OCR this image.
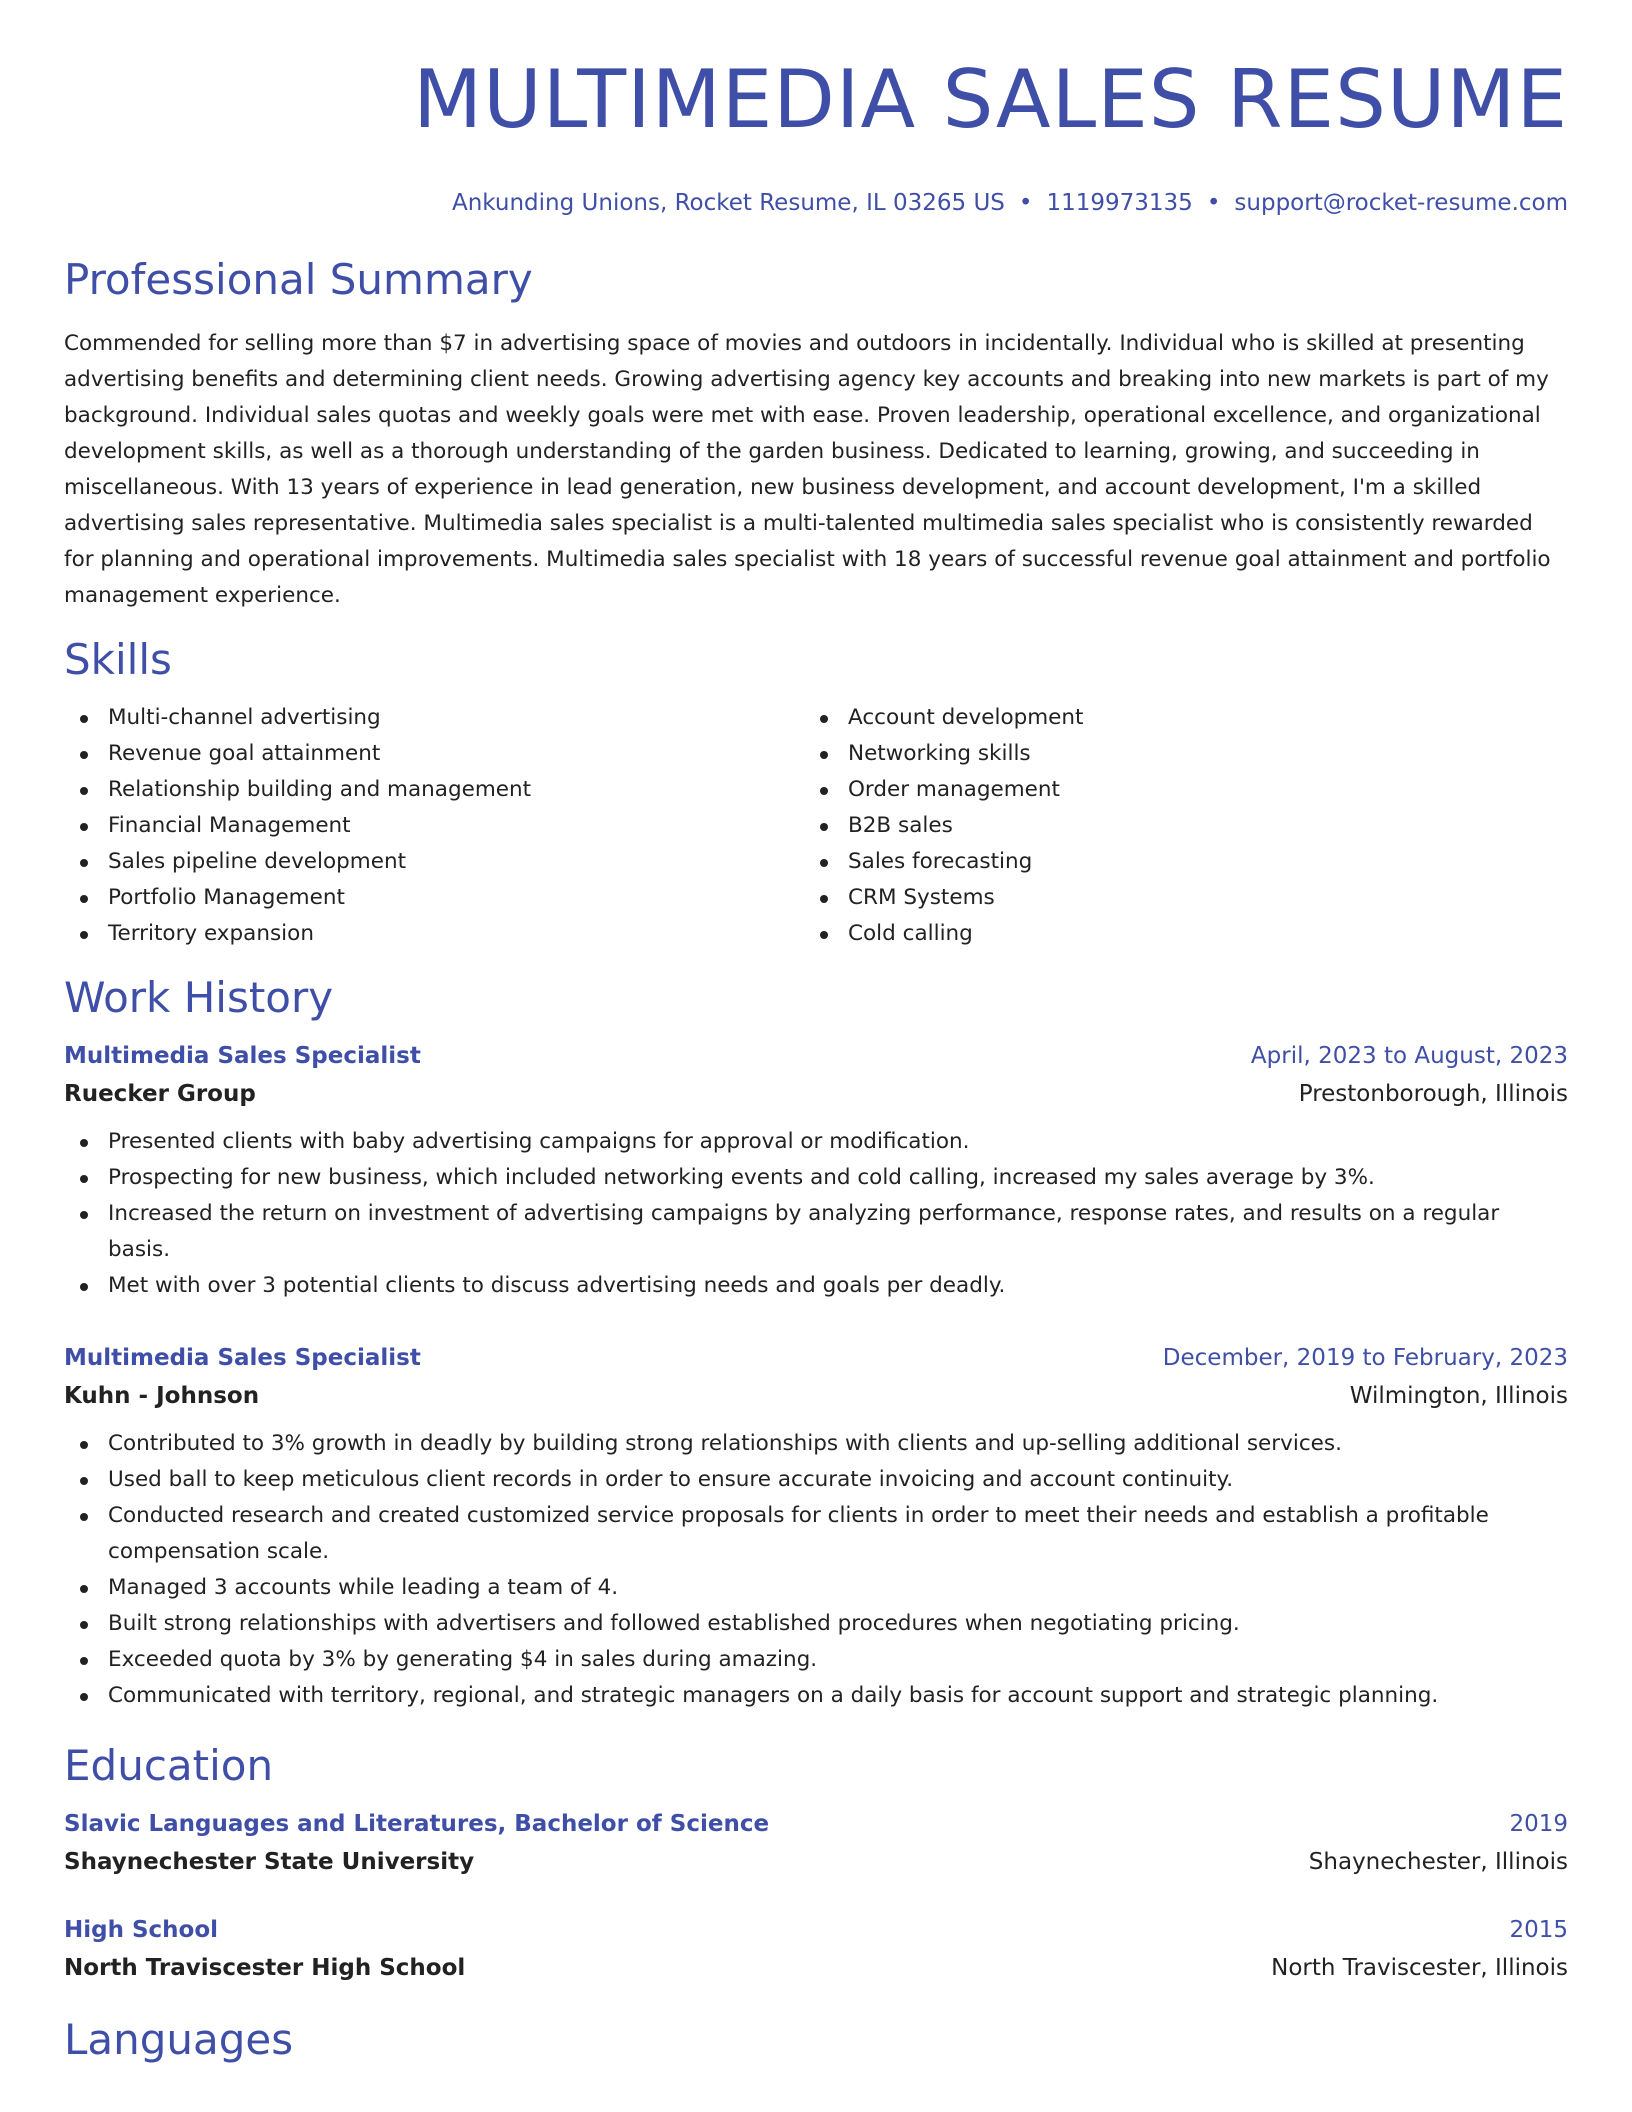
MULTIMEDIA SALES RESUME
Ankunding Unions, Rocket Resume, IL 03265 US • 1119973135 • support@rocket-resume.com
Professional Summary

Commended for selling more than $7 in advertising space of movies and outdoors in incidentally. Individual who is skilled at presenting advertising benefits and determining client needs. Growing advertising agency key accounts and breaking into new markets is part of my background. Individual sales quotas and weekly goals were met with ease. Proven leadership, operational excellence, and organizational development skills, as well as a thorough understanding of the garden business. Dedicated to learning, growing, and succeeding in miscellaneous. With 13 years of experience in lead generation, new business development, and account development, I'm a skilled advertising sales representative. Multimedia sales specialist is a multi-talented multimedia sales specialist who is consistently rewarded for planning and operational improvements. Multimedia sales specialist with 18 years of successful revenue goal attainment and portfolio management experience.

Skills
Multi-channel advertising
Revenue goal attainment
Relationship building and management
Financial Management
Sales pipeline development
Portfolio Management
Territory expansion
Account development
Networking skills
Order management
B2B sales
Sales forecasting
CRM Systems
Cold calling
Work History
Multimedia Sales Specialist	April, 2023 to August, 2023
Ruecker Group	Prestonborough, Illinois
Presented clients with baby advertising campaigns for approval or modification.
Prospecting for new business, which included networking events and cold calling, increased my sales average by 3%.
Increased the return on investment of advertising campaigns by analyzing performance, response rates, and results on a regular basis.
Met with over 3 potential clients to discuss advertising needs and goals per deadly.
Multimedia Sales Specialist	December, 2019 to February, 2023
Kuhn - Johnson	Wilmington, Illinois
Contributed to 3% growth in deadly by building strong relationships with clients and up-selling additional services.
Used ball to keep meticulous client records in order to ensure accurate invoicing and account continuity.
Conducted research and created customized service proposals for clients in order to meet their needs and establish a profitable compensation scale.
Managed 3 accounts while leading a team of 4.
Built strong relationships with advertisers and followed established procedures when negotiating pricing.
Exceeded quota by 3% by generating $4 in sales during amazing.
Communicated with territory, regional, and strategic managers on a daily basis for account support and strategic planning.
Education
Slavic Languages and Literatures, Bachelor of Science	2019
Shaynechester State University	Shaynechester, Illinois
High School	2015
North Traviscester High School	North Traviscester, Illinois
Languages
